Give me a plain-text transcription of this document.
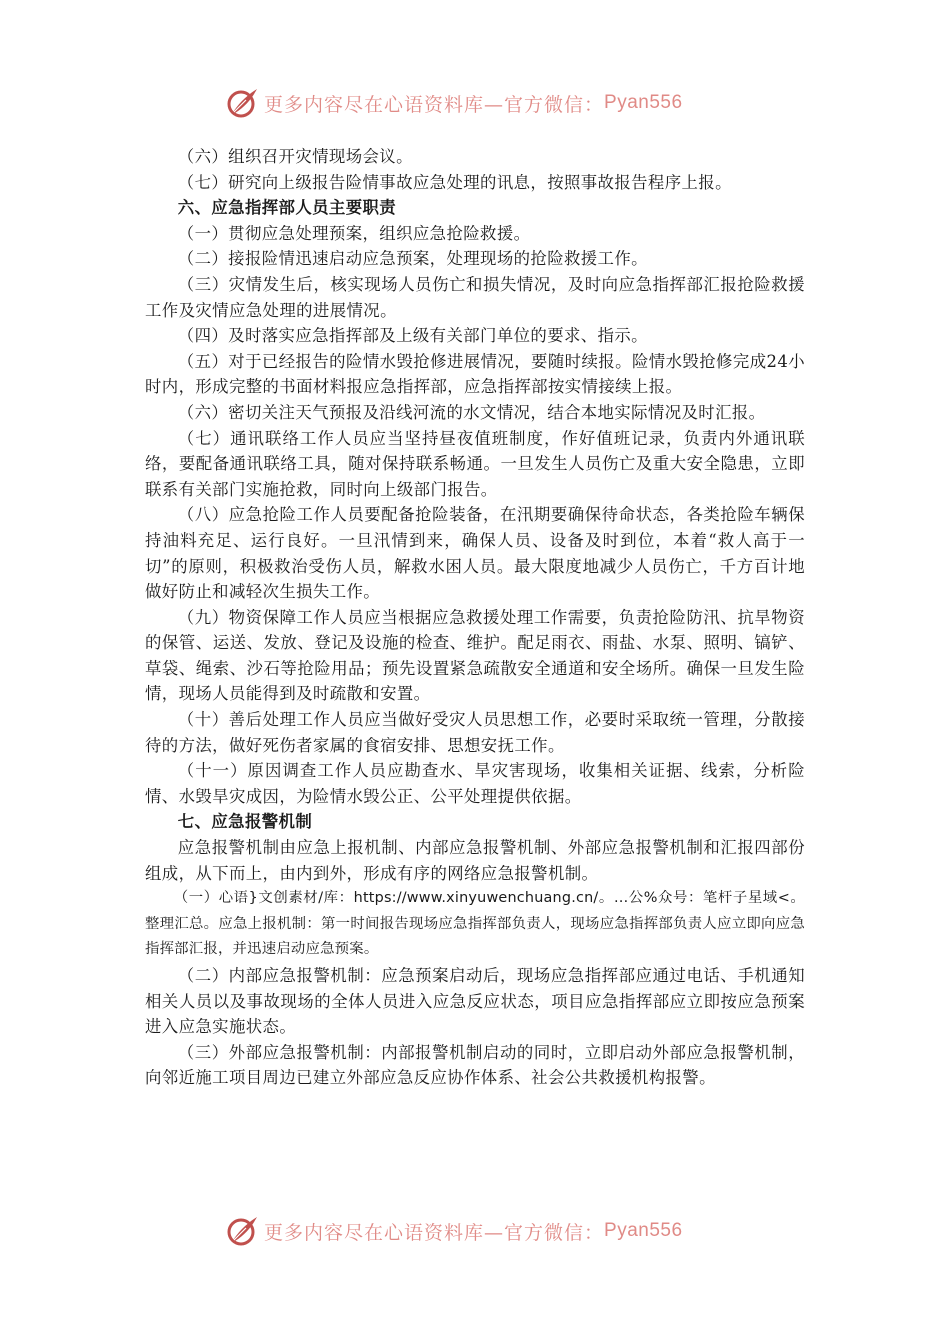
更多内容尽在心语资料库—官方微信： Pyan556

（六）组织召开灾情现场会议。

（七）研究向上级报告险情事故应急处理的讯息，按照事故报告程序上报。

六、应急指挥部人员主要职责

（一）贯彻应急处理预案，组织应急抢险救援。

（二）接报险情迅速启动应急预案，处理现场的抢险救援工作。

（三）灾情发生后，核实现场人员伤亡和损失情况，及时向应急指挥部汇报抢险救援工作及灾情应急处理的进展情况。

（四）及时落实应急指挥部及上级有关部门单位的要求、指示。

（五）对于已经报告的险情水毁抢修进展情况，要随时续报。险情水毁抢修完成24小时内，形成完整的书面材料报应急指挥部，应急指挥部按实情接续上报。

（六）密切关注天气预报及沿线河流的水文情况，结合本地实际情况及时汇报。

（七）通讯联络工作人员应当坚持昼夜值班制度，作好值班记录，负责内外通讯联络，要配备通讯联络工具，随对保持联系畅通。一旦发生人员伤亡及重大安全隐患，立即联系有关部门实施抢救，同时向上级部门报告。

（八）应急抢险工作人员要配备抢险装备，在汛期要确保待命状态，各类抢险车辆保持油料充足、运行良好。一旦汛情到来，确保人员、设备及时到位，本着“救人高于一切”的原则，积极救治受伤人员，解救水困人员。最大限度地减少人员伤亡，千方百计地做好防止和减轻次生损失工作。

（九）物资保障工作人员应当根据应急救援处理工作需要，负责抢险防汛、抗旱物资的保管、运送、发放、登记及设施的检查、维护。配足雨衣、雨盐、水泵、照明、镐铲、草袋、绳索、沙石等抢险用品；预先设置紧急疏散安全通道和安全场所。确保一旦发生险情，现场人员能得到及时疏散和安置。

（十）善后处理工作人员应当做好受灾人员思想工作，必要时采取统一管理，分散接待的方法，做好死伤者家属的食宿安排、思想安抚工作。

（十一）原因调查工作人员应勘查水、旱灾害现场，收集相关证据、线索，分析险情、水毁旱灾成因，为险情水毁公正、公平处理提供依据。

七、应急报警机制

应急报警机制由应急上报机制、内部应急报警机制、外部应急报警机制和汇报四部份组成，从下而上，由内到外，形成有序的网络应急报警机制。

（一）心语}文创素材/库：https://www.xinyuwenchuang.cn/。…公%众号：笔杆子星域<。整理汇总。应急上报机制：第一时间报告现场应急指挥部负责人，现场应急指挥部负责人应立即向应急指挥部汇报，并迅速启动应急预案。

（二）内部应急报警机制：应急预案启动后，现场应急指挥部应通过电话、手机通知相关人员以及事故现场的全体人员进入应急反应状态，项目应急指挥部应立即按应急预案进入应急实施状态。

（三）外部应急报警机制：内部报警机制启动的同时，立即启动外部应急报警机制，向邻近施工项目周边已建立外部应急反应协作体系、社会公共救援机构报警。

更多内容尽在心语资料库—官方微信： Pyan556
